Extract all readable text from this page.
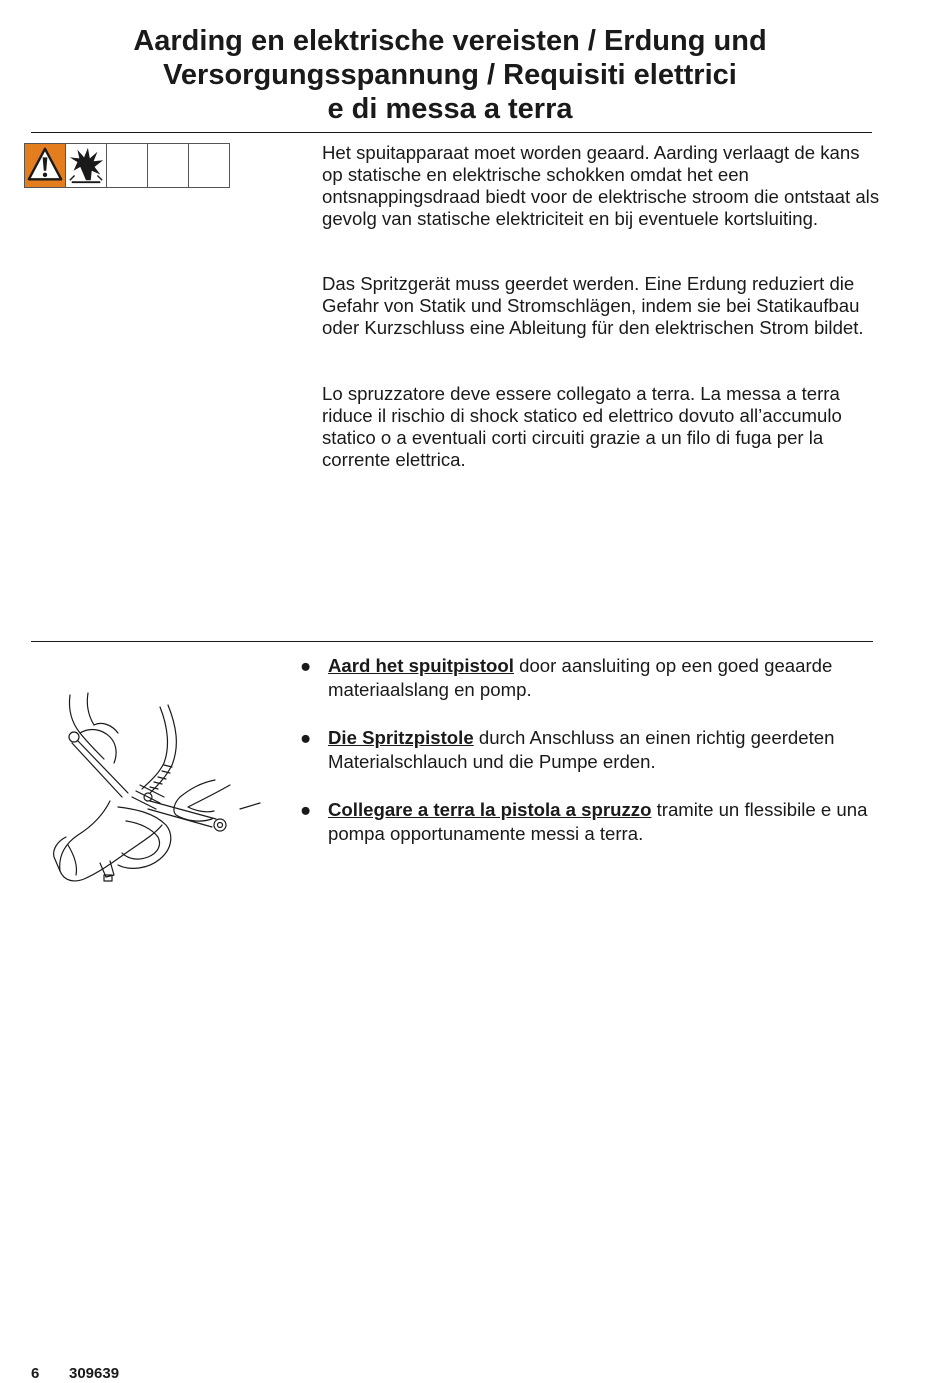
Aarding en elektrische vereisten / Erdung und
Versorgungsspannung / Requisiti elettrici
e di messa a terra
Het spuitapparaat moet worden geaard. Aarding verlaagt de kans op statische en elektrische schokken omdat het een ontsnappingsdraad biedt voor de elektrische stroom die ontstaat als gevolg van statische elektriciteit en bij eventuele kortsluiting.
Das Spritzgerät muss geerdet werden. Eine Erdung reduziert die Gefahr von Statik und Stromschlägen, indem sie bei Statikaufbau oder Kurzschluss eine Ableitung für den elektrischen Strom bildet.
Lo spruzzatore deve essere collegato a terra. La messa a terra riduce il rischio di shock statico ed elettrico dovuto all’accumulo statico o a eventuali corti circuiti grazie a un filo di fuga per la corrente elettrica.
● Aard het spuitpistool door aansluiting op een goed geaarde materiaalslang en pomp.
● Die Spritzpistole durch Anschluss an einen richtig geerdeten Materialschlauch und die Pumpe erden.
● Collegare a terra la pistola a spruzzo tramite un flessibile e una pompa opportunamente messi a terra.
6 309639
